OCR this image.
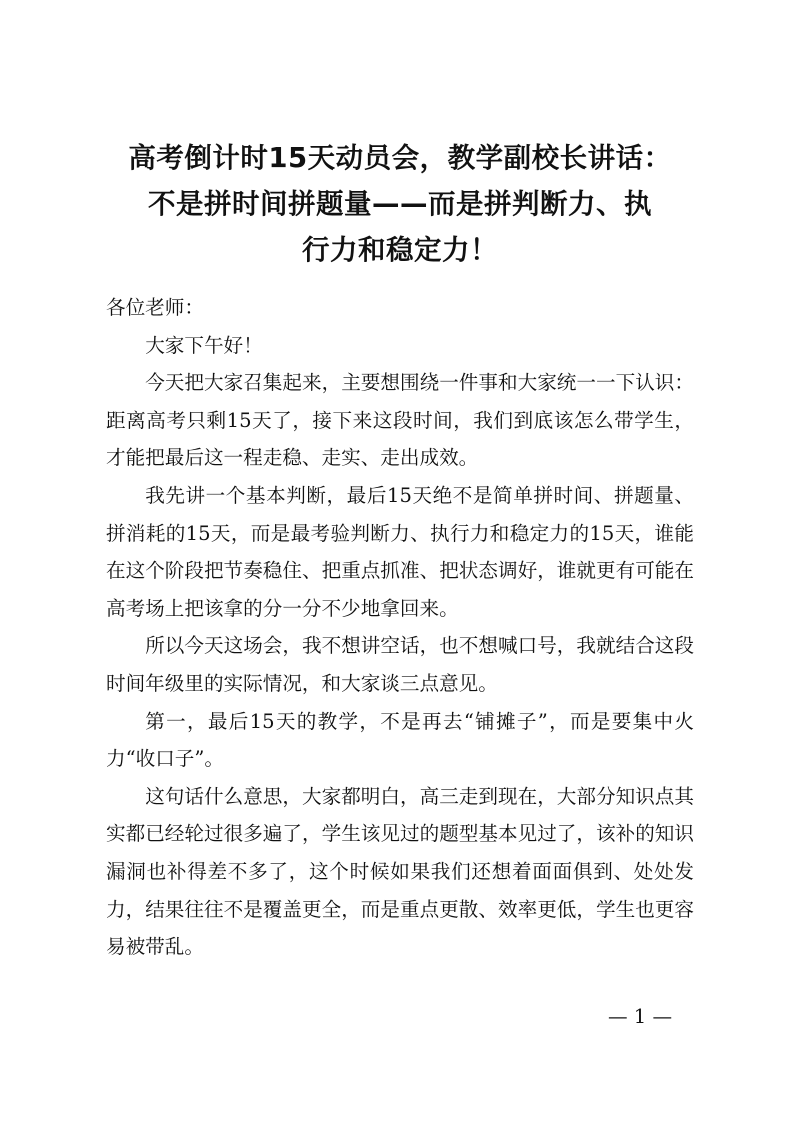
高考倒计时15天动员会，教学副校长讲话：
不是拼时间拼题量——而是拼判断力、执
行力和稳定力！

各位老师：

大家下午好！

今天把大家召集起来，主要想围绕一件事和大家统一一下认识：距离高考只剩15天了，接下来这段时间，我们到底该怎么带学生，才能把最后这一程走稳、走实、走出成效。

我先讲一个基本判断，最后15天绝不是简单拼时间、拼题量、拼消耗的15天，而是最考验判断力、执行力和稳定力的15天，谁能在这个阶段把节奏稳住、把重点抓准、把状态调好，谁就更有可能在高考场上把该拿的分一分不少地拿回来。

所以今天这场会，我不想讲空话，也不想喊口号，我就结合这段时间年级里的实际情况，和大家谈三点意见。

第一，最后15天的教学，不是再去“铺摊子”，而是要集中火力“收口子”。

这句话什么意思，大家都明白，高三走到现在，大部分知识点其实都已经轮过很多遍了，学生该见过的题型基本见过了，该补的知识漏洞也补得差不多了，这个时候如果我们还想着面面俱到、处处发力，结果往往不是覆盖更全，而是重点更散、效率更低，学生也更容易被带乱。

— 1 —
